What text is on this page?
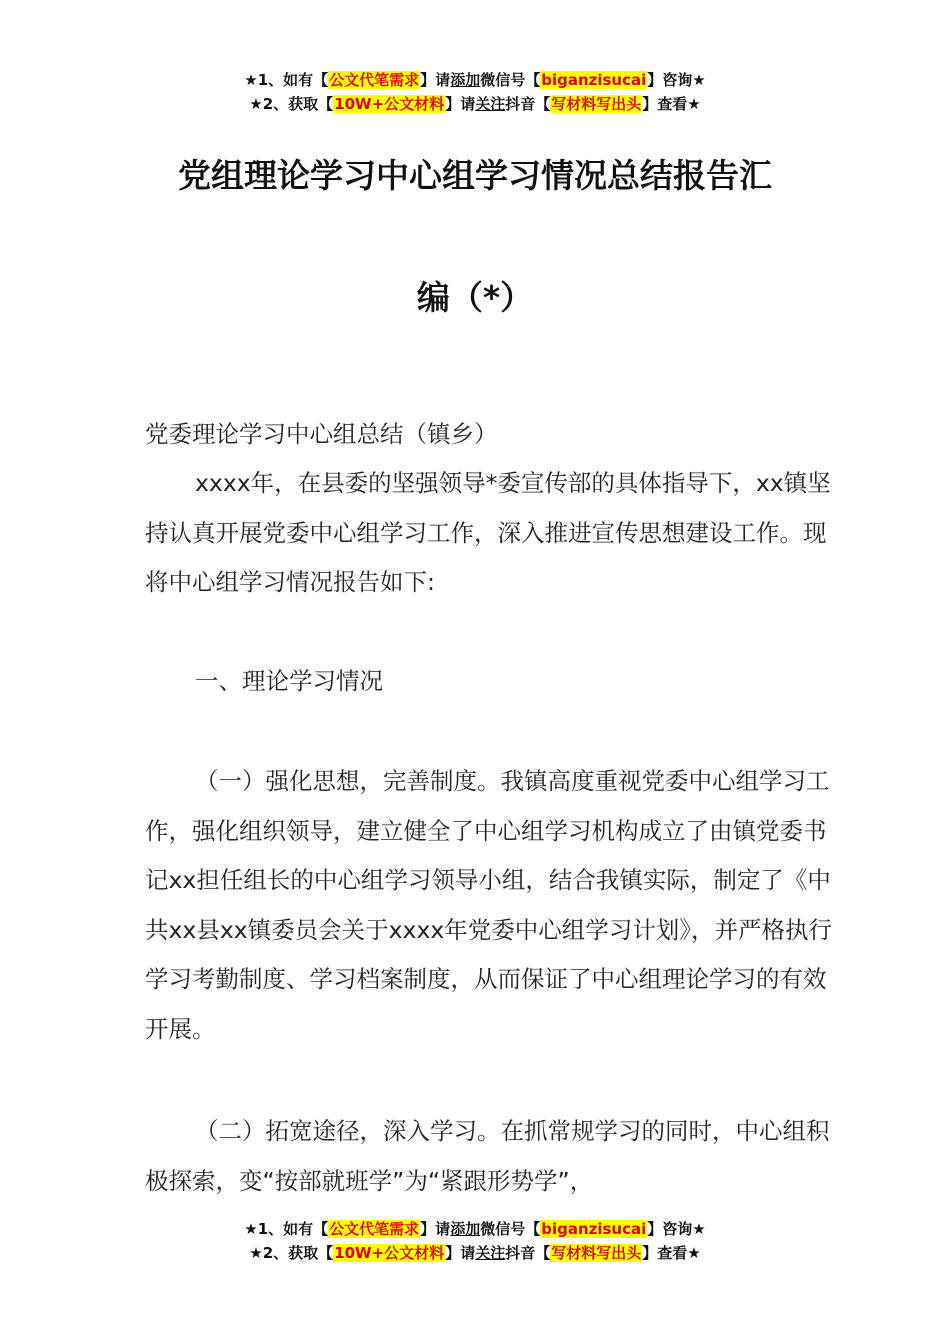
★1、如有【公文代笔需求】请添加微信号【biganzisucai】咨询★
★2、获取【10W+公文材料】请关注抖音【写材料写出头】查看★
党组理论学习中心组学习情况总结报告汇
编（*）

党委理论学习中心组总结（镇乡）

xxxx年，在县委的坚强领导*委宣传部的具体指导下，xx镇坚持认真开展党委中心组学习工作，深入推进宣传思想建设工作。现将中心组学习情况报告如下:

一、理论学习情况

（一）强化思想，完善制度。我镇高度重视党委中心组学习工作，强化组织领导，建立健全了中心组学习机构成立了由镇党委书记xx担任组长的中心组学习领导小组，结合我镇实际，制定了《中共xx县xx镇委员会关于xxxx年党委中心组学习计划》，并严格执行学习考勤制度、学习档案制度，从而保证了中心组理论学习的有效开展。

（二）拓宽途径，深入学习。在抓常规学习的同时，中心组积极探索，变“按部就班学”为“紧跟形势学”，

★1、如有【公文代笔需求】请添加微信号【biganzisucai】咨询★
★2、获取【10W+公文材料】请关注抖音【写材料写出头】查看★
